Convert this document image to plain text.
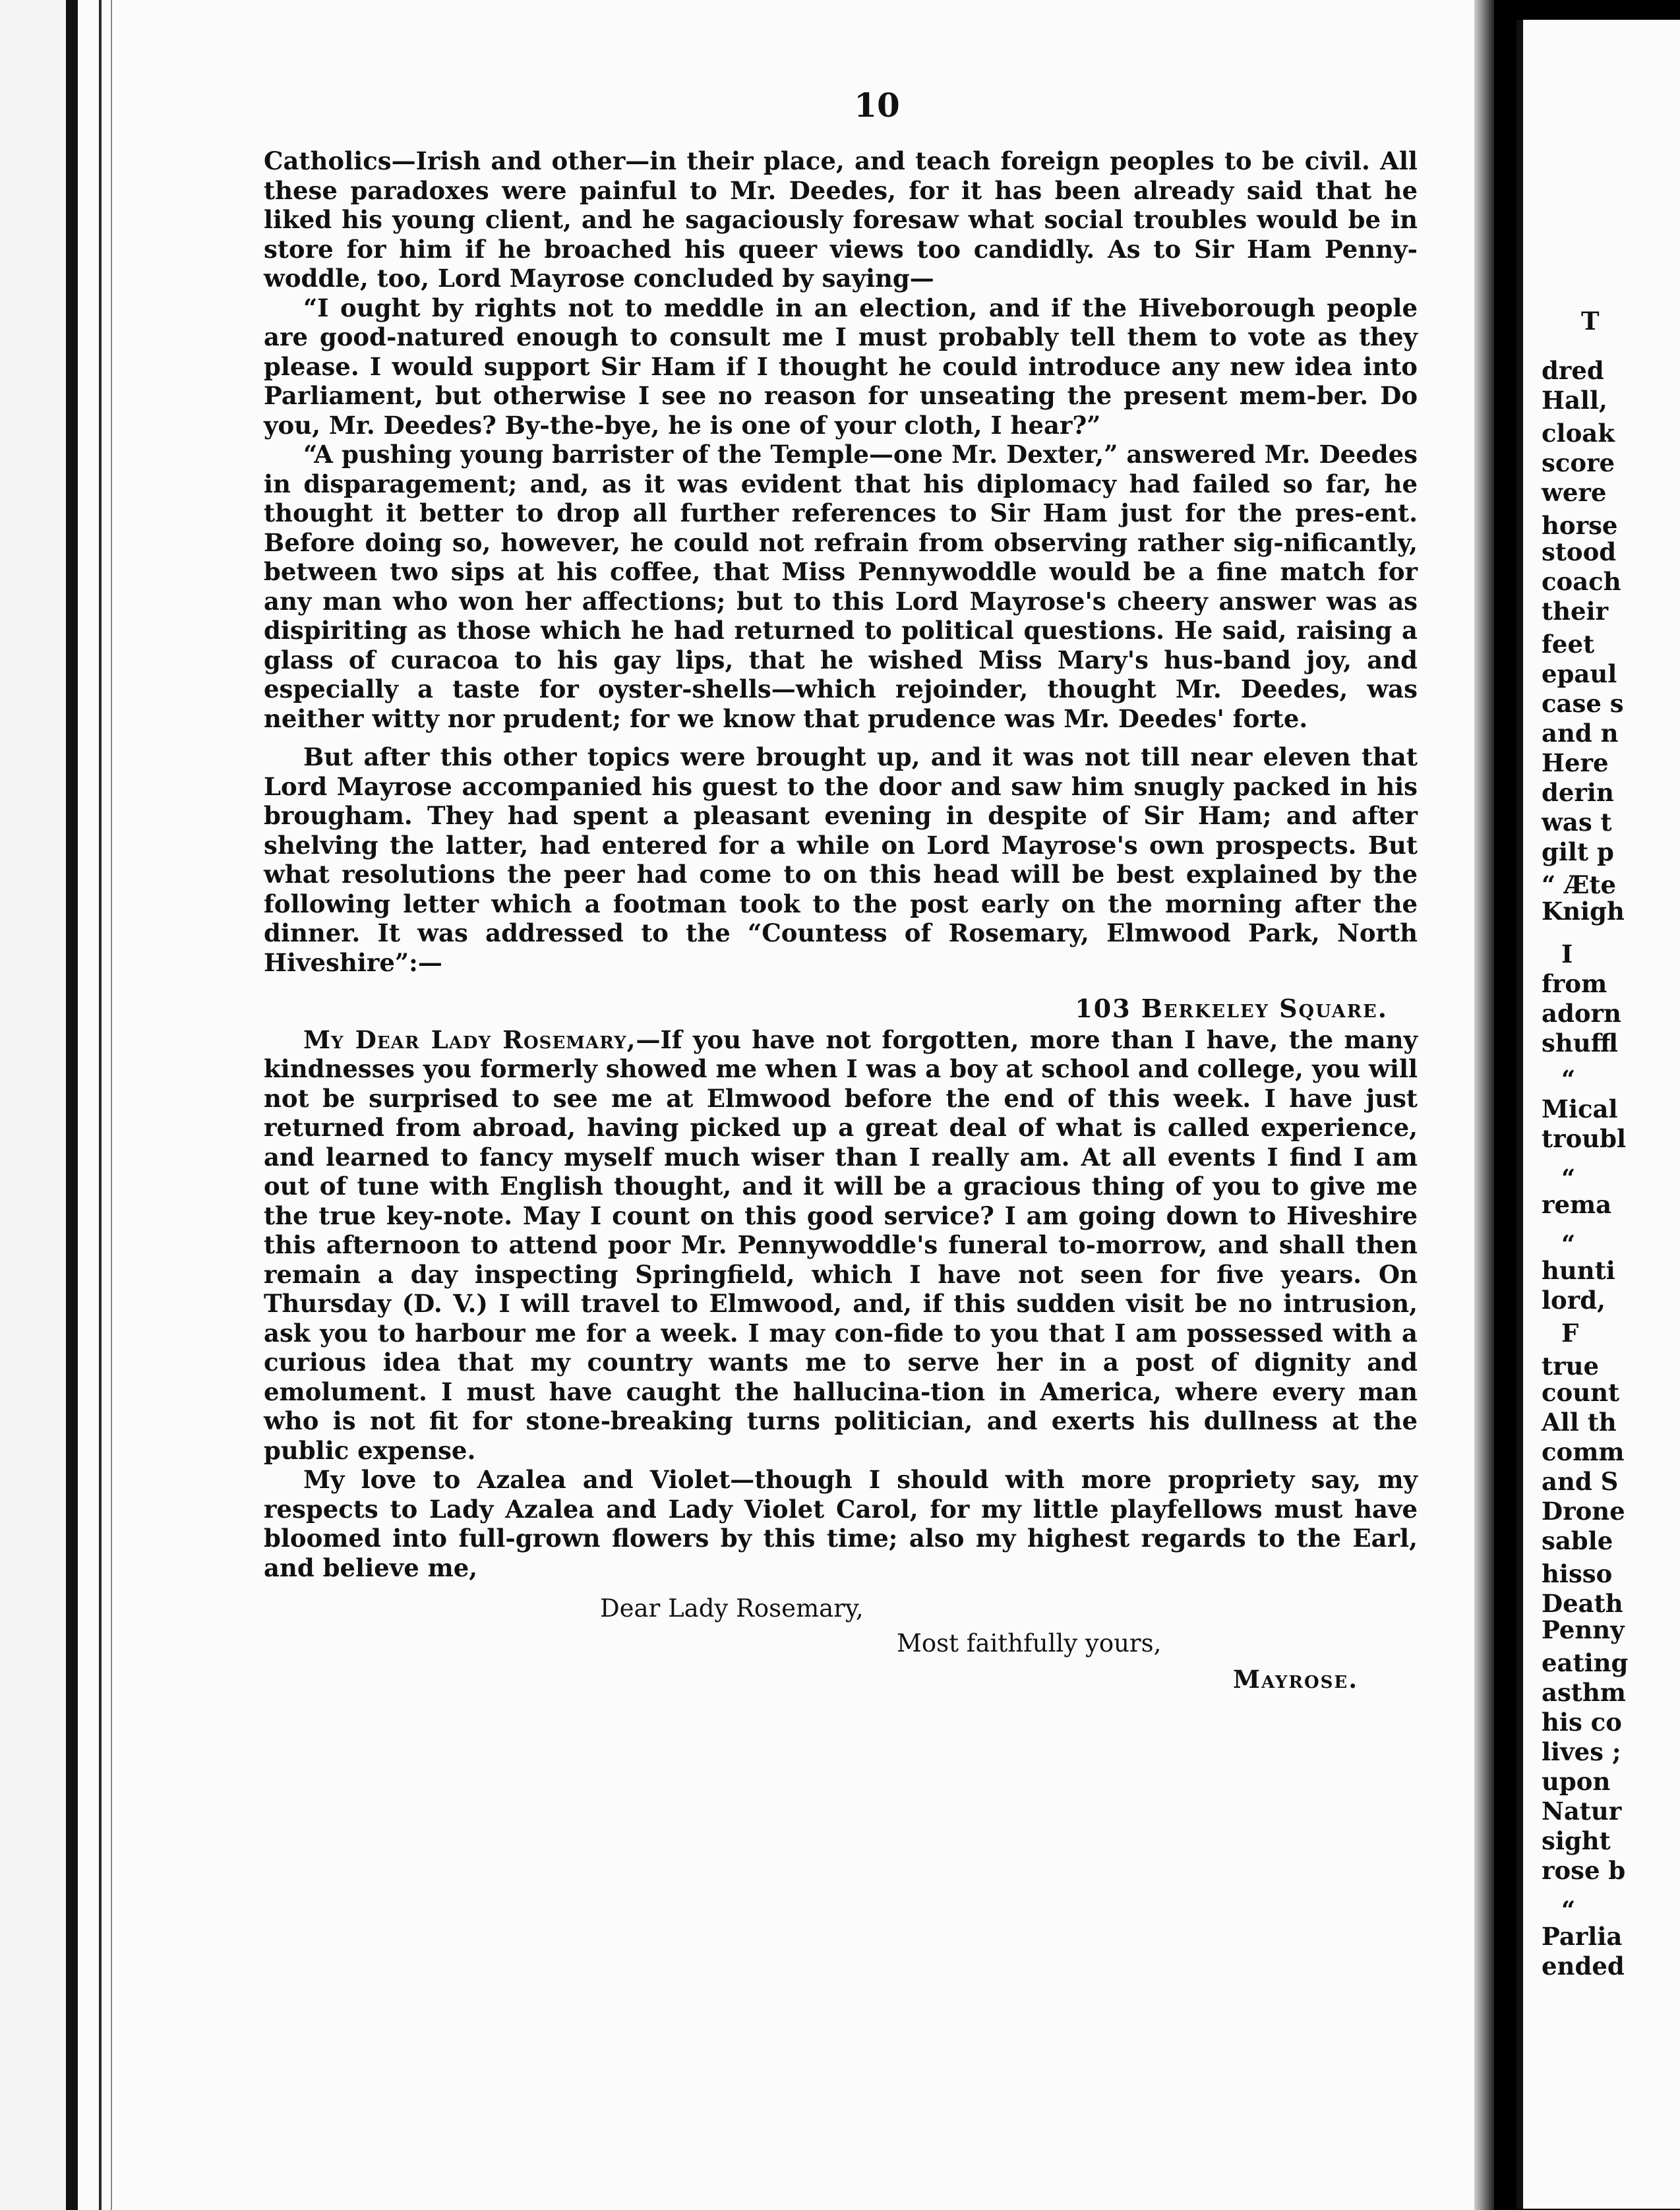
10

Catholics—Irish and other—in their place, and teach foreign peoples to be civil. All these paradoxes were painful to Mr. Deedes, for it has been already said that he liked his young client, and he sagaciously foresaw what social troubles would be in store for him if he broached his queer views too candidly. As to Sir Ham Penny-woddle, too, Lord Mayrose concluded by saying—

“I ought by rights not to meddle in an election, and if the Hiveborough people are good-natured enough to consult me I must probably tell them to vote as they please. I would support Sir Ham if I thought he could introduce any new idea into Parliament, but otherwise I see no reason for unseating the present mem-ber. Do you, Mr. Deedes? By-the-bye, he is one of your cloth, I hear?”

“A pushing young barrister of the Temple—one Mr. Dexter,” answered Mr. Deedes in disparagement; and, as it was evident that his diplomacy had failed so far, he thought it better to drop all further references to Sir Ham just for the pres-ent. Before doing so, however, he could not refrain from observing rather sig-nificantly, between two sips at his coffee, that Miss Pennywoddle would be a fine match for any man who won her affections; but to this Lord Mayrose's cheery answer was as dispiriting as those which he had returned to political questions. He said, raising a glass of curacoa to his gay lips, that he wished Miss Mary's hus-band joy, and especially a taste for oyster-shells—which rejoinder, thought Mr. Deedes, was neither witty nor prudent; for we know that prudence was Mr. Deedes' forte.

But after this other topics were brought up, and it was not till near eleven that Lord Mayrose accompanied his guest to the door and saw him snugly packed in his brougham. They had spent a pleasant evening in despite of Sir Ham; and after shelving the latter, had entered for a while on Lord Mayrose's own prospects. But what resolutions the peer had come to on this head will be best explained by the following letter which a footman took to the post early on the morning after the dinner. It was addressed to the “Countess of Rosemary, Elmwood Park, North Hiveshire”:—

103 Berkeley Square.

My Dear Lady Rosemary,—If you have not forgotten, more than I have, the many kindnesses you formerly showed me when I was a boy at school and college, you will not be surprised to see me at Elmwood before the end of this week. I have just returned from abroad, having picked up a great deal of what is called experience, and learned to fancy myself much wiser than I really am. At all events I find I am out of tune with English thought, and it will be a gracious thing of you to give me the true key-note. May I count on this good service? I am going down to Hiveshire this afternoon to attend poor Mr. Pennywoddle's funeral to-morrow, and shall then remain a day inspecting Springfield, which I have not seen for five years. On Thursday (D. V.) I will travel to Elmwood, and, if this sudden visit be no intrusion, ask you to harbour me for a week. I may con-fide to you that I am possessed with a curious idea that my country wants me to serve her in a post of dignity and emolument. I must have caught the hallucina-tion in America, where every man who is not fit for stone-breaking turns politician, and exerts his dullness at the public expense.

My love to Azalea and Violet—though I should with more propriety say, my respects to Lady Azalea and Lady Violet Carol, for my little playfellows must have bloomed into full-grown flowers by this time; also my highest regards to the Earl, and believe me,

Dear Lady Rosemary,

Most faithfully yours,

Mayrose.

T
dred
Hall,
cloak
score
were
horse
stood
coach
their
feet
epaul
case s
and n
Here
derin
was t
gilt p
“ Æte
Knigh
I
from
adorn
shuffl
“
Mical
troubl
“
rema
“
hunti
lord,
F
true
count
All th
comm
and S
Drone
sable
hisso
Death
Penny
eating
asthm
his co
lives ;
upon
Natur
sight
rose b
“
Parlia
ended
